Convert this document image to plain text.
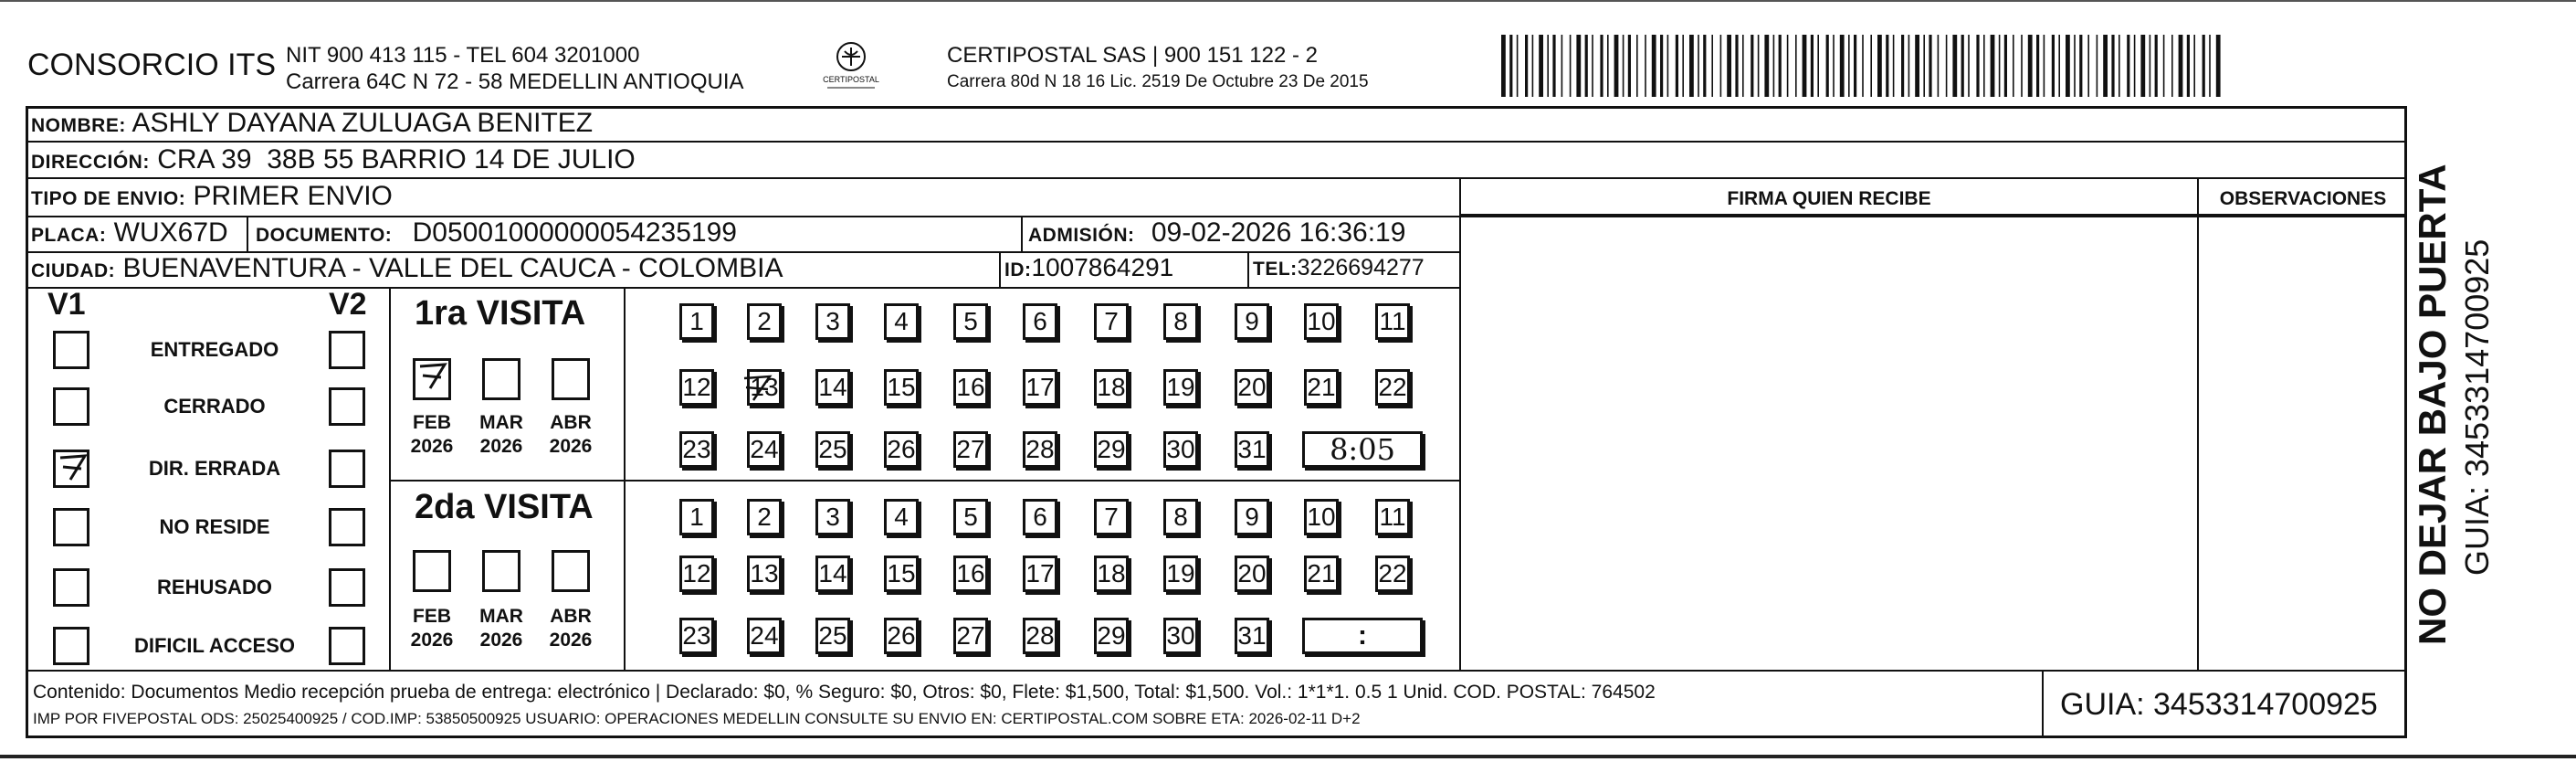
CONSORCIO ITS NIT 900 413 115 - TEL 604 3201000
Carrera 64C N 72 - 58 MEDELLIN ANTIOQUIA	CERTIPOSTAL
CERTIPOSTAL SAS | 900 151 122 - 2
Carrera 80d N 18 16 Lic. 2519 De Octubre 23 De 2015
NOMBRE: ASHLY DAYANA ZULUAGA BENITEZ
DIRECCIÓN: CRA 39  38B 55 BARRIO 14 DE JULIO
TIPO DE ENVIO: PRIMER ENVIO
PLACA: WUX67D DOCUMENTO: D05001000000054235199	ADMISIÓN: 09-02-2026 16:36:19
CIUDAD: BUENAVENTURA - VALLE DEL CAUCA - COLOMBIA	ID:1007864291	TEL:3226694277
FIRMA QUIEN RECIBE	OBSERVACIONES
V1	V2
ENTREGADO
CERRADO
DIR. ERRADA
NO RESIDE
REHUSADO
DIFICIL ACCESO
1ra VISITA
2da VISITA
1	2	3	4	5	6	7	8	9	10 11
12 13 14 15 16 17 18 19 20 21 22
23 24 25 26 27 28 29 30 31	8:05
1	2	3	4	5	6	7	8	9	10 11
12 13 14 15 16 17 18 19 20 21 22
23 24 25 26 27 28 29 30 31	:
FEB
2026
MAR
2026
ABR
2026
FEB
2026
MAR
2026
ABR
2026
Contenido: Documentos Medio recepción prueba de entrega: electrónico | Declarado: $0, % Seguro: $0, Otros: $0, Flete: $1,500, Total: $1,500. Vol.: 1*1*1. 0.5 1 Unid. COD. POSTAL: 764502
IMP POR FIVEPOSTAL ODS: 25025400925 / COD.IMP: 53850500925 USUARIO: OPERACIONES MEDELLIN CONSULTE SU ENVIO EN: CERTIPOSTAL.COM SOBRE ETA: 2026-02-11 D+2	GUIA: 3453314700925
NO DEJAR BAJO PUERTA GUIA: 3453314700925
